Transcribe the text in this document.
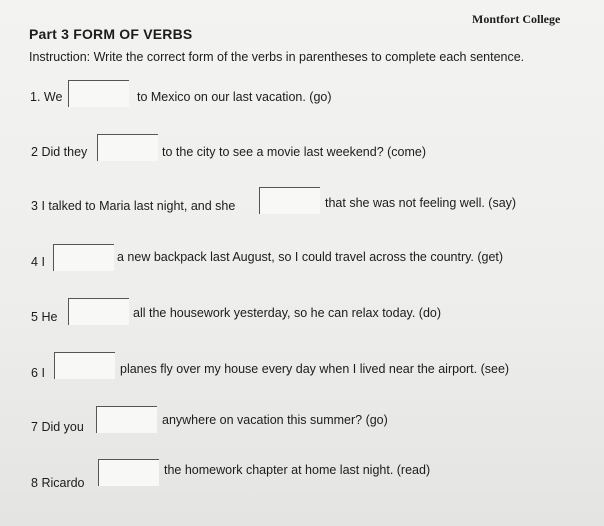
Montfort College
Part 3 FORM OF VERBS
Instruction: Write the correct form of the verbs in parentheses to complete each sentence.
1. We	to Mexico on our last vacation. (go)
2 Did they	to the city to see a movie last weekend? (come)
3 I talked to Maria last night, and she	that she was not feeling well. (say)
4 I	a new backpack last August, so I could travel across the country. (get)
5 He	all the housework yesterday, so he can relax today. (do)
6 I	planes fly over my house every day when I lived near the airport. (see)
7 Did you	anywhere on vacation this summer? (go)
8 Ricardo
the homework chapter at home last night. (read)
